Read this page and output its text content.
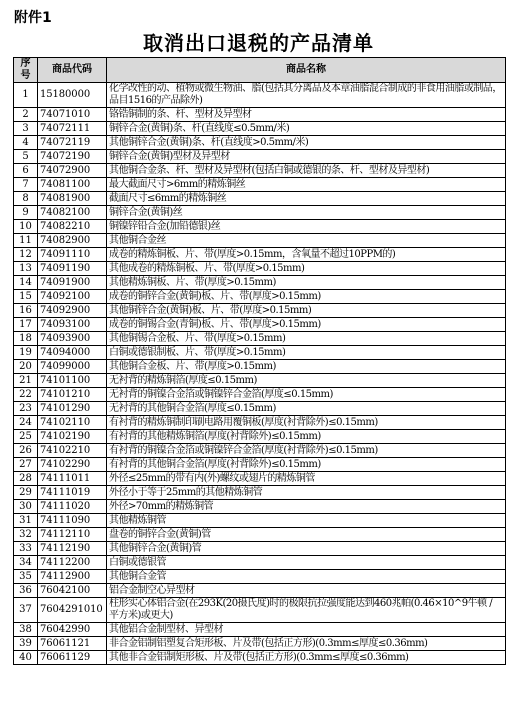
附件1
取消出口退税的产品清单
序号	商品代码	商品名称
1	15180000	化学改性的动、植物或微生物油、脂(包括其分离品及本章油脂混合制成的非食用油脂或制品，品目1516的产品除外)
2	74071010	铬锆铜制的条、杆、型材及异型材
3	74072111	铜锌合金(黄铜)条、杆(直线度≤0.5mm/米)
4	74072119	其他铜锌合金(黄铜)条、杆(直线度>0.5mm/米)
5	74072190	铜锌合金(黄铜)型材及异型材
6	74072900	其他铜合金条、杆、型材及异型材(包括白铜或德银的条、杆、型材及异型材)
7	74081100	最大截面尺寸>6mm的精炼铜丝
8	74081900	截面尺寸≤6mm的精炼铜丝
9	74082100	铜锌合金(黄铜)丝
10	74082210	铜镍锌铅合金(加铅德银)丝
11	74082900	其他铜合金丝
12	74091110	成卷的精炼铜板、片、带(厚度>0.15mm，含氧量不超过10PPM的)
13	74091190	其他成卷的精炼铜板、片、带(厚度>0.15mm)
14	74091900	其他精炼铜板、片、带(厚度>0.15mm)
15	74092100	成卷的铜锌合金(黄铜)板、片、带(厚度>0.15mm)
16	74092900	其他铜锌合金(黄铜)板、片、带(厚度>0.15mm)
17	74093100	成卷的铜锡合金(青铜)板、片、带(厚度>0.15mm)
18	74093900	其他铜锡合金板、片、带(厚度>0.15mm)
19	74094000	白铜或德银制板、片、带(厚度>0.15mm)
20	74099000	其他铜合金板、片、带(厚度>0.15mm)
21	74101100	无衬背的精炼铜箔(厚度≤0.15mm)
22	74101210	无衬背的铜镍合金箔或铜镍锌合金箔(厚度≤0.15mm)
23	74101290	无衬背的其他铜合金箔(厚度≤0.15mm)
24	74102110	有衬背的精炼铜制印刷电路用覆铜板(厚度(衬背除外)≤0.15mm)
25	74102190	有衬背的其他精炼铜箔(厚度(衬背除外)≤0.15mm)
26	74102210	有衬背的铜镍合金箔或铜镍锌合金箔(厚度(衬背除外)≤0.15mm)
27	74102290	有衬背的其他铜合金箔(厚度(衬背除外)≤0.15mm)
28	74111011	外径≤25mm的带有内(外)螺纹或翅片的精炼铜管
29	74111019	外径小于等于25mm的其他精炼铜管
30	74111020	外径>70mm的精炼铜管
31	74111090	其他精炼铜管
32	74112110	盘卷的铜锌合金(黄铜)管
33	74112190	其他铜锌合金(黄铜)管
34	74112200	白铜或德银管
35	74112900	其他铜合金管
36	76042100	铝合金制空心异型材
37	7604291010	柱形实心体铝合金(在293K(20摄氏度)时的极限抗拉强度能达到460兆帕(0.46×10^9牛顿 / 平方米)或更大)
38	76042990	其他铝合金制型材、异型材
39	76061121	非合金铝制铝塑复合矩形板、片及带(包括正方形)(0.3mm≤厚度≤0.36mm)
40	76061129	其他非合金铝制矩形板、片及带(包括正方形)(0.3mm≤厚度≤0.36mm)
